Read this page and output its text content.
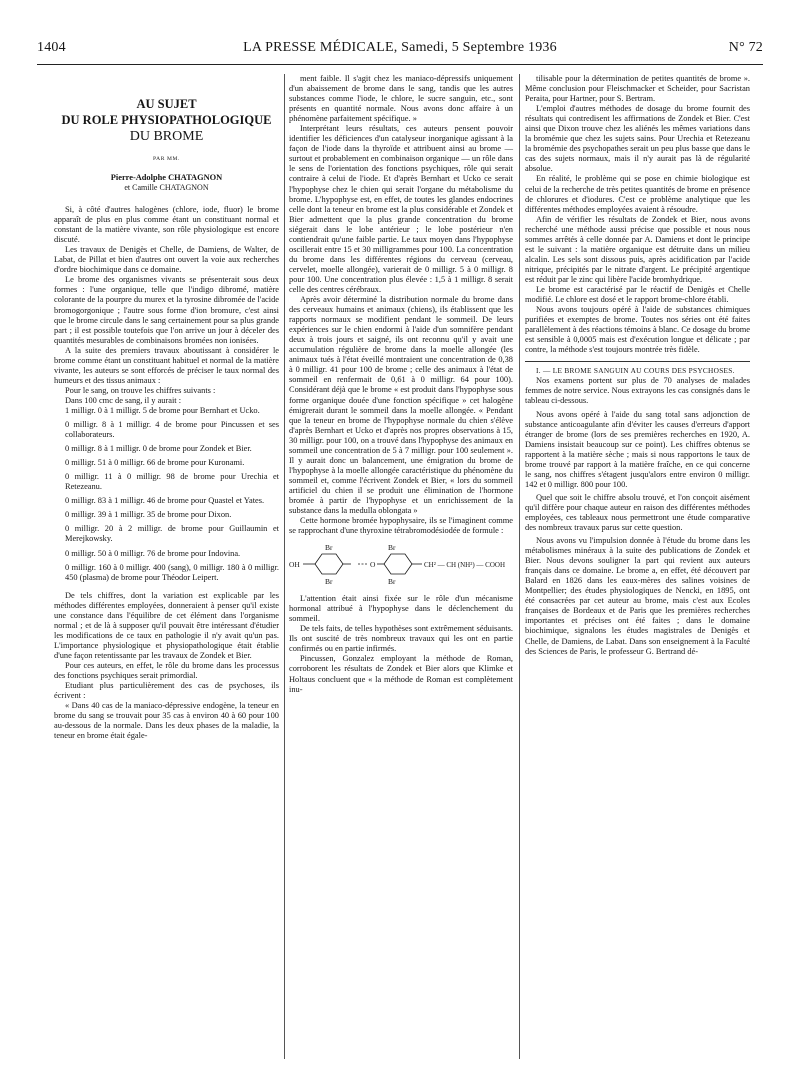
1404	LA PRESSE MÉDICALE, Samedi, 5 Septembre 1936	N° 72
AU SUJET
DU ROLE PHYSIOPATHOLOGIQUE
DU BROME
PAR MM.
Pierre-Adolphe CHATAGNON
et Camille CHATAGNON

Si, à côté d'autres halogènes (chlore, iode, fluor) le brome apparaît de plus en plus comme étant un constituant normal et constant de la matière vivante, son rôle physiologique est encore discuté.

Les travaux de Denigès et Chelle, de Damiens, de Walter, de Labat, de Pillat et bien d'autres ont ouvert la voie aux recherches d'ordre biochimique dans ce domaine.

Le brome des organismes vivants se présenterait sous deux formes : l'une organique, telle que l'indigo dibromé, matière colorante de la pourpre du murex et la tyrosine dibromée de l'acide bromogorgonique ; l'autre sous forme d'ion bromure, c'est ainsi que le brome circule dans le sang certainement pour sa plus grande part ; il est possible toutefois que l'on arrive un jour à déceler des quantités mesurables de combinaisons bromées non ionisées.

A la suite des premiers travaux aboutissant à considérer le brome comme étant un constituant habituel et normal de la matière vivante, les auteurs se sont efforcés de préciser le taux normal des humeurs et des tissus animaux :

Pour le sang, on trouve les chiffres suivants :

Dans 100 cmc de sang, il y aurait :

1 milligr. 0 à 1 milligr. 5 de brome pour Bernhart et Ucko.

0 milligr. 8 à 1 milligr. 4 de brome pour Pincussen et ses collaborateurs.

0 milligr. 8 à 1 milligr. 0 de brome pour Zondek et Bier.

0 milligr. 51 à 0 milligr. 66 de brome pour Kuronami.

0 milligr. 11 à 0 milligr. 98 de brome pour Urechia et Retezeanu.

0 milligr. 83 à 1 milligr. 46 de brome pour Quastel et Yates.

0 milligr. 39 à 1 milligr. 35 de brome pour Dixon.

0 milligr. 20 à 2 milligr. de brome pour Guillaumin et Merejkowsky.

0 milligr. 50 à 0 milligr. 76 de brome pour Indovina.

0 milligr. 160 à 0 milligr. 400 (sang), 0 milligr. 180 à 0 milligr. 450 (plasma) de brome pour Théodor Leipert.

De tels chiffres, dont la variation est explicable par les méthodes différentes employées, donneraient à penser qu'il existe une constance dans l'équilibre de cet élément dans l'organisme normal ; et de là à supposer qu'il pouvait être intéressant d'étudier les modifications de ce taux en pathologie il n'y avait qu'un pas. L'importance physiologique et physiopathologique était établie d'une façon retentissante par les travaux de Zondek et Bier.

Pour ces auteurs, en effet, le rôle du brome dans les processus des fonctions psychiques serait primordial.

Etudiant plus particulièrement des cas de psychoses, ils écrivent :

« Dans 40 cas de la maniaco-dépressive endogène, la teneur en brome du sang se trouvait pour 35 cas à environ 40 à 60 pour 100 au-dessous de la normale. Dans les deux phases de la maladie, la teneur en brome était égale-

ment faible. Il s'agit chez les maniaco-dépressifs uniquement d'un abaissement de brome dans le sang, tandis que les autres substances comme l'iode, le chlore, le sucre sanguin, etc., sont présents en quantité normale. Nous avons donc affaire à un phénomène parfaitement spécifique. »

Interprétant leurs résultats, ces auteurs pensent pouvoir identifier les déficiences d'un catalyseur inorganique agissant à la façon de l'iode dans la thyroïde et attribuent ainsi au brome — surtout et probablement en combinaison organique — un rôle dans le sens de l'orientation des fonctions psychiques, rôle qui serait contraire à celui de l'iode. Et d'après Bernhart et Ucko ce serait l'hypophyse chez le chien qui serait l'organe du métabolisme du brome. L'hypophyse est, en effet, de toutes les glandes endocrines celle dont la teneur en brome est la plus considérable et Zondek et Bier admettent que la plus grande concentration du brome siégerait dans le lobe antérieur ; le lobe postérieur n'en contiendrait qu'une faible partie. Le taux moyen dans l'hypophyse oscillerait entre 15 et 30 milligrammes pour 100. La concentration du brome dans les différentes régions du cerveau (cerveau, cervelet, moelle allongée), varierait de 0 milligr. 5 à 0 milligr. 8 pour 100. Une concentration plus élevée : 1,5 à 1 milligr. 8 serait celle des centres cérébraux.

Après avoir déterminé la distribution normale du brome dans des cerveaux humains et animaux (chiens), ils établissent que les rapports normaux se modifient pendant le sommeil. De leurs expériences sur le chien endormi à l'aide d'un somnifère pendant deux à trois jours et saigné, ils ont reconnu qu'il y avait une accumulation régulière de brome dans la moelle allongée (les animaux tués à l'état éveillé montraient une concentration de 0,38 à 0 milligr. 41 pour 100 de brome ; celle des animaux à l'état de sommeil en renfermait de 0,61 à 0 milligr. 64 pour 100). Considérant déjà que le brome « est produit dans l'hypophyse sous forme organique douée d'une fonction spécifique » cet halogène émigrerait durant le sommeil dans la moelle allongée. « Pendant que la teneur en brome de l'hypophyse normale du chien s'élève d'après Bernhart et Ucko et d'après nos propres observations à 15, 30 milligr. pour 100, on a trouvé dans l'hypophyse des animaux en sommeil une concentration de 5 à 7 milligr. pour 100 seulement ». Il y aurait donc un balancement, une émigration du brome de l'hypophyse à la moelle allongée caractéristique du phénomène du sommeil et, comme l'écrivent Zondek et Bier, « lors du sommeil artificiel du chien il se produit une élimination de l'hormone bromée à partir de l'hypophyse et un enrichissement de la substance dans la medulla oblongata »

Cette hormone bromée hypophysaire, ils se l'imaginent comme se rapprochant d'une thyroxine tétrabromodésiodée de formule :

Br
Br
Br
Br
OH	O	CH² — CH (NH²) — COOH

L'attention était ainsi fixée sur le rôle d'un mécanisme hormonal attribué à l'hypophyse dans le déclenchement du sommeil.

De tels faits, de telles hypothèses sont extrêmement séduisants. Ils ont suscité de très nombreux travaux qui les ont en partie confirmés ou en partie infirmés.

Pincussen, Gonzalez employant la méthode de Roman, corroborent les résultats de Zondek et Bier alors que Klimke et Holtaus concluent que « la méthode de Roman est complètement inu-

tilisable pour la détermination de petites quantités de brome ». Même conclusion pour Fleischmacker et Scheider, pour Sacristan Peraita, pour Hartner, pour S. Bertram.

L'emploi d'autres méthodes de dosage du brome fournit des résultats qui contredisent les affirmations de Zondek et Bier. C'est ainsi que Dixon trouve chez les aliénés les mêmes variations dans la bromémie que chez les sujets sains. Pour Urechia et Retezeanu la bromémie des psychopathes serait un peu plus basse que dans le cas des sujets normaux, mais il n'y aurait pas là de régularité absolue.

En réalité, le problème qui se pose en chimie biologique est celui de la recherche de très petites quantités de brome en présence de chlorures et d'iodures. C'est ce problème analytique que les différentes méthodes employées avaient à résoudre.

Afin de vérifier les résultats de Zondek et Bier, nous avons recherché une méthode aussi précise que possible et nous nous sommes arrêtés à celle donnée par A. Damiens et dont le principe est le suivant : la matière organique est détruite dans un milieu alcalin. Les sels sont dissous puis, après acidification par l'acide nitrique, précipités par le nitrate d'argent. Le précipité argentique est réduit par le zinc qui libère l'acide bromhydrique.

Le brome est caractérisé par le réactif de Denigès et Chelle modifié. Le chlore est dosé et le rapport brome-chlore établi.

Nous avons toujours opéré à l'aide de substances chimiques purifiées et exemptes de brome. Toutes nos séries ont été faites parallèlement à des réactions témoins à blanc. Ce dosage du brome est sensible à 0,0005 mais est d'exécution longue et délicate ; par contre, la méthode s'est toujours montrée très fidèle.

I. — LE BROME SANGUIN AU COURS DES PSYCHOSES.

Nos examens portent sur plus de 70 analyses de malades femmes de notre service. Nous extrayons les cas consignés dans le tableau ci-dessous.

Nous avons opéré à l'aide du sang total sans adjonction de substance anticoagulante afin d'éviter les causes d'erreurs d'apport étranger de brome (lors de ses premières recherches en 1920, A. Damiens insistait beaucoup sur ce point). Les chiffres obtenus se rapportent à la matière sèche ; mais si nous rapportons le taux de brome trouvé par rapport à la matière fraîche, en ce qui concerne le sang, nos chiffres s'étagent jusqu'alors entre environ 0 milligr. 142 et 0 milligr. 800 pour 100.

Quel que soit le chiffre absolu trouvé, et l'on conçoit aisément qu'il diffère pour chaque auteur en raison des différentes méthodes employées, ces tableaux nous permettront une étude comparative des nombreux travaux parus sur cette question.

Nous avons vu l'impulsion donnée à l'étude du brome dans les métabolismes minéraux à la suite des publications de Zondek et Bier. Nous devons souligner la part qui revient aux auteurs français dans ce domaine. Le brome a, en effet, été découvert par Balard en 1826 dans les eaux-mères des salines voisines de Montpellier; des études physiologiques de Nencki, en 1895, ont été consacrées par cet auteur au brome, mais c'est aux Ecoles françaises de Bordeaux et de Paris que les premières recherches importantes et précises ont été faites ; dans le domaine biochimique, signalons les études magistrales de Denigès et Chelle, de Damiens, de Labat. Dans son enseignement à la Faculté des Sciences de Paris, le professeur G. Bertrand dé-
